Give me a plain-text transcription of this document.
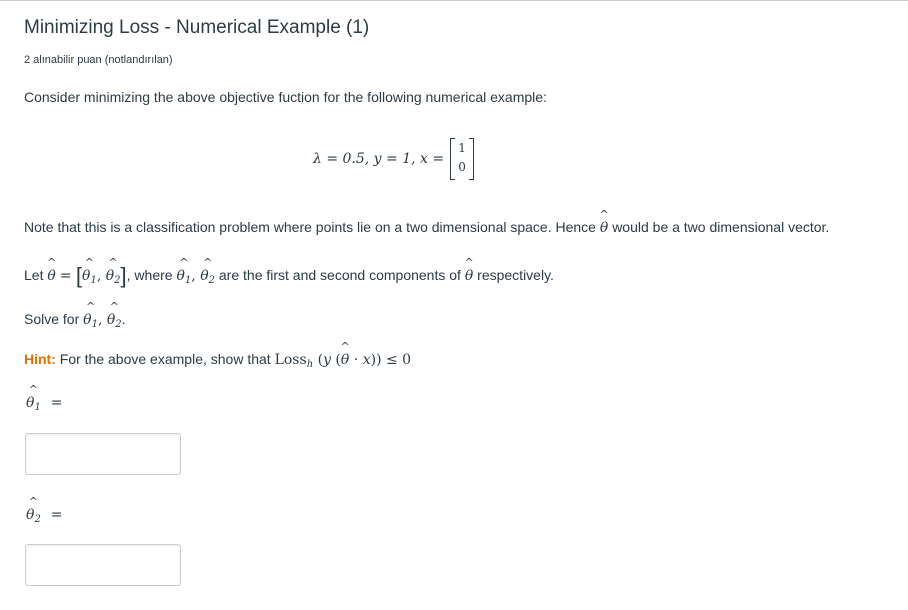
Minimizing Loss - Numerical Example (1)
2 alınabilir puan (notlandırılan)
Consider minimizing the above objective fuction for the following numerical example:
λ = 0.5, y = 1, x =
1
0
Note that this is a classification problem where points lie on a two dimensional space. Hence θ
^
would be a two dimensional vector.
Let θ
^
= [$\theta_1$
^
, $\theta_2$
^
], where $\theta_1$
^
, $\theta_2$
^
are the first and second components of θ
^
respectively.
Solve for $\theta_1$
^
, $\theta_2$
^
.
Hint: For the above example, show that Loss$_h$ (y (θ
^
· x)) ≤ 0
$\theta_1$
^
=
$\theta_2$
^
=
